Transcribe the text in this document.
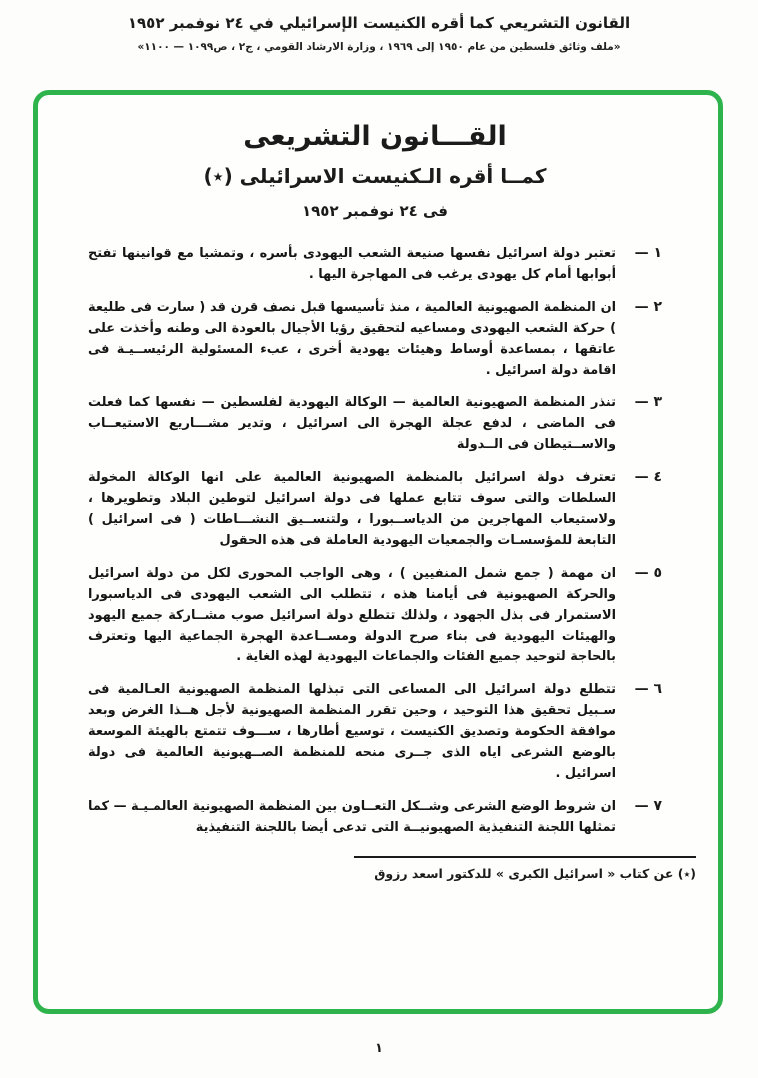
القانون التشريعي كما أقره الكنيست الإسرائيلي في ٢٤ نوفمبر ١٩٥٢
«ملف وثائق فلسطين من عام ١٩٥٠ إلى ١٩٦٩ ، وزارة الارشاد القومي ، ج٢ ، ص١٠٩٩ — ١١٠٠»
القـــانون التشريعى
كمــا أقره الـكنيست الاسرائيلى (٭)
فى ٢٤ نوفمبر ١٩٥٢
١ —
تعتبر دولة اسرائيل نفسها صنيعة الشعب اليهودى بأسره ، وتمشيا مع قوانينها تفتح أبوابها أمام كل يهودى يرغب فى المهاجرة اليها .
٢ —
ان المنظمة الصهيونية العالمية ، منذ تأسيسها قبل نصف قرن قد ( سارت فى طليعة ) حركة الشعب اليهودى ومساعيه لتحقيق رؤيا الأجيال بالعودة الى وطنه وأخذت على عاتقها ، بمساعدة أوساط وهيئات يهودية أخرى ، عبء المسئولية الرئيســيـة فى اقامة دولة اسرائيل .
٣ —
تنذر المنظمة الصهيونية العالمية — الوكالة اليهودية لفلسطين — نفسها كما فعلت فى الماضى ، لدفع عجلة الهجرة الى اسرائيل ، وتدير مشـــاريع الاستيعــاب والاســتيطان فى الــدولة
٤ —
تعترف دولة اسرائيل بالمنظمة الصهيونية العالمية على انها الوكالة المخولة السلطات والتى سوف تتابع عملها فى دولة اسرائيل لتوطين البلاد وتطويرها ، ولاستيعاب المهاجرين من الدياســبورا ، ولتنســيق النشـــاطات ( فى اسرائيل ) التابعة للمؤسسـات والجمعيات اليهودية العاملة فى هذه الحقول
٥ —
ان مهمة ( جمع شمل المنفيين ) ، وهى الواجب المحورى لكل من دولة اسرائيل والحركة الصهيونية فى أيامنا هذه ، تتطلب الى الشعب اليهودى فى الدياسبورا الاستمرار فى بذل الجهود ، ولذلك تتطلع دولة اسرائيل صوب مشــاركة جميع اليهود والهيئات اليهودية فى بناء صرح الدولة ومســاعدة الهجرة الجماعية اليها وتعترف بالحاجة لتوحيد جميع الفئات والجماعات اليهودية لهذه الغاية .
٦ —
تتطلع دولة اسرائيل الى المساعى التى تبذلها المنظمة الصهيونية العـالمية فى سـبيل تحقيق هذا التوحيد ، وحين تقرر المنظمة الصهيونية لأجل هــذا الغرض وبعد موافقة الحكومة وتصديق الكنيست ، توسيع أطارها ، ســـوف تتمتع بالهيئة الموسعة بالوضع الشرعى اياه الذى جــرى منحه للمنظمة الصــهيونية العالمية فى دولة اسرائيل .
٧ —
ان شروط الوضع الشرعى وشــكل التعــاون بين المنظمة الصهيونية العالمـيـة — كما تمثلها اللجنة التنفيذية الصهيونيــة التى تدعى أيضا باللجنة التنفيذية
(٭) عن كتاب « اسرائيل الكبرى » للدكتور اسعد رزوق
١
